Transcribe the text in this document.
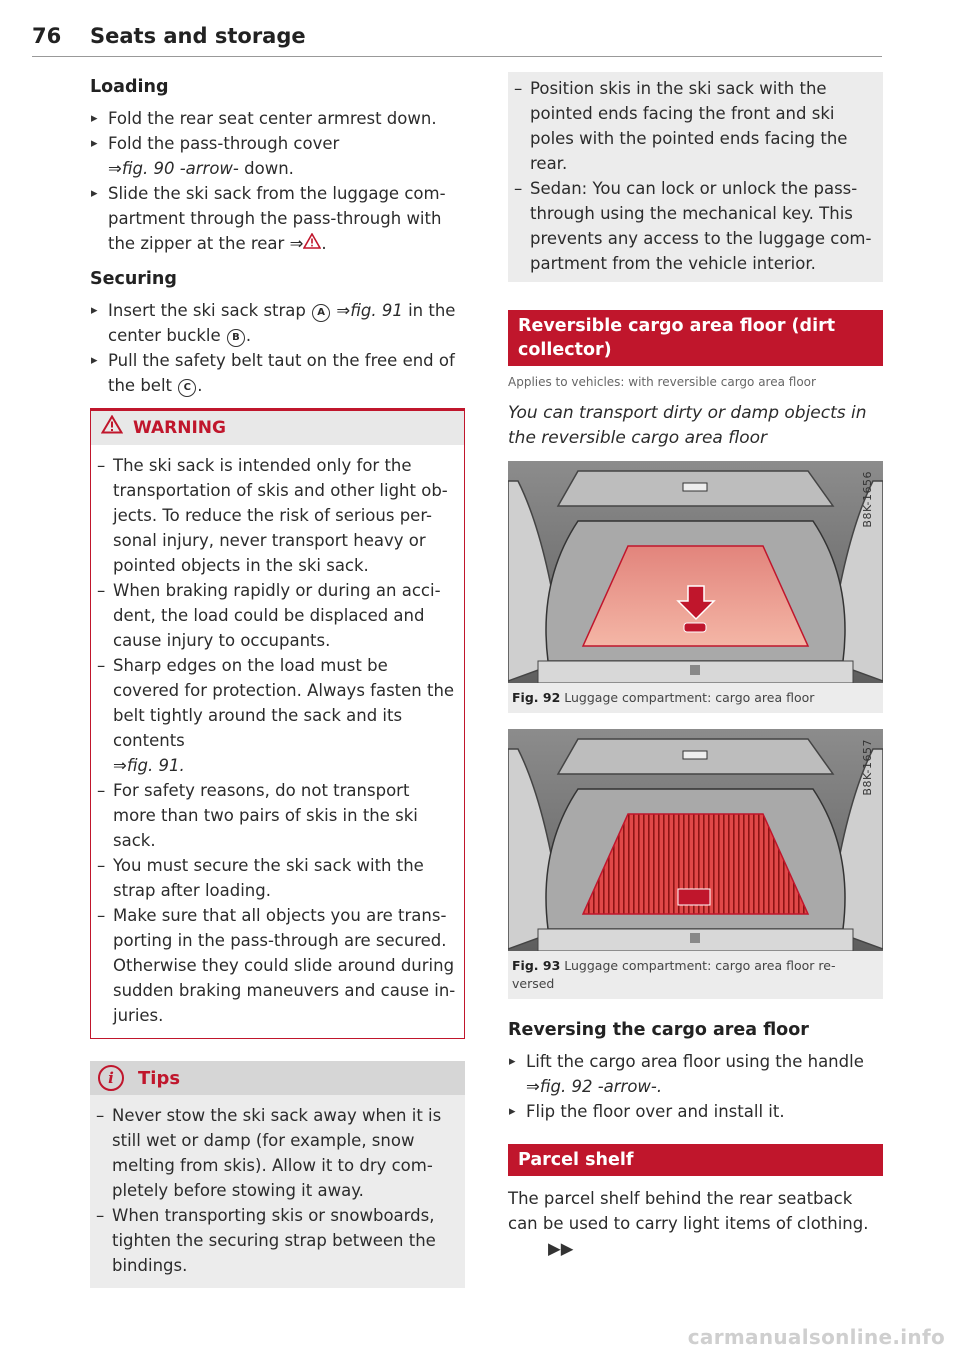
76 Seats and storage
Loading
▸ Fold the rear seat center armrest down.
▸ Fold the pass-through cover
⇒fig. 90 -arrow- down.
▸ Slide the ski sack from the luggage com-partment through the pass-through with the zipper at the rear ⇒ .
Securing
▸ Insert the ski sack strap A ⇒fig. 91 in the center buckle B .
▸ Pull the safety belt taut on the free end of the belt C .
WARNING
– The ski sack is intended only for the transportation of skis and other light ob-jects. To reduce the risk of serious per-sonal injury, never transport heavy or pointed objects in the ski sack.
– When braking rapidly or during an acci-dent, the load could be displaced and cause injury to occupants.
– Sharp edges on the load must be covered for protection. Always fasten the belt tightly around the sack and its contents
⇒fig. 91.
– For safety reasons, do not transport more than two pairs of skis in the ski sack.
– You must secure the ski sack with the strap after loading.
– Make sure that all objects you are trans-porting in the pass-through are secured. Otherwise they could slide around during sudden braking maneuvers and cause in-juries.
i	Tips
– Never stow the ski sack away when it is still wet or damp (for example, snow melting from skis). Allow it to dry com-pletely before stowing it away.
– When transporting skis or snowboards, tighten the securing strap between the bindings.
– Position skis in the ski sack with the pointed ends facing the front and ski poles with the pointed ends facing the rear.
– Sedan: You can lock or unlock the pass-through using the mechanical key. This prevents any access to the luggage com-partment from the vehicle interior.
Reversible cargo area floor (dirt collector)
Applies to vehicles: with reversible cargo area floor
You can transport dirty or damp objects in the reversible cargo area floor
B8K-1656
Fig. 92 Luggage compartment: cargo area floor
B8K-1657
Fig. 93 Luggage compartment: cargo area floor re-versed
Reversing the cargo area floor
▸ Lift the cargo area floor using the handle
⇒fig. 92 -arrow-.
▸ Flip the floor over and install it.
Parcel shelf
The parcel shelf behind the rear seatback can be used to carry light items of clothing.▶▶
carmanualsonline.info
